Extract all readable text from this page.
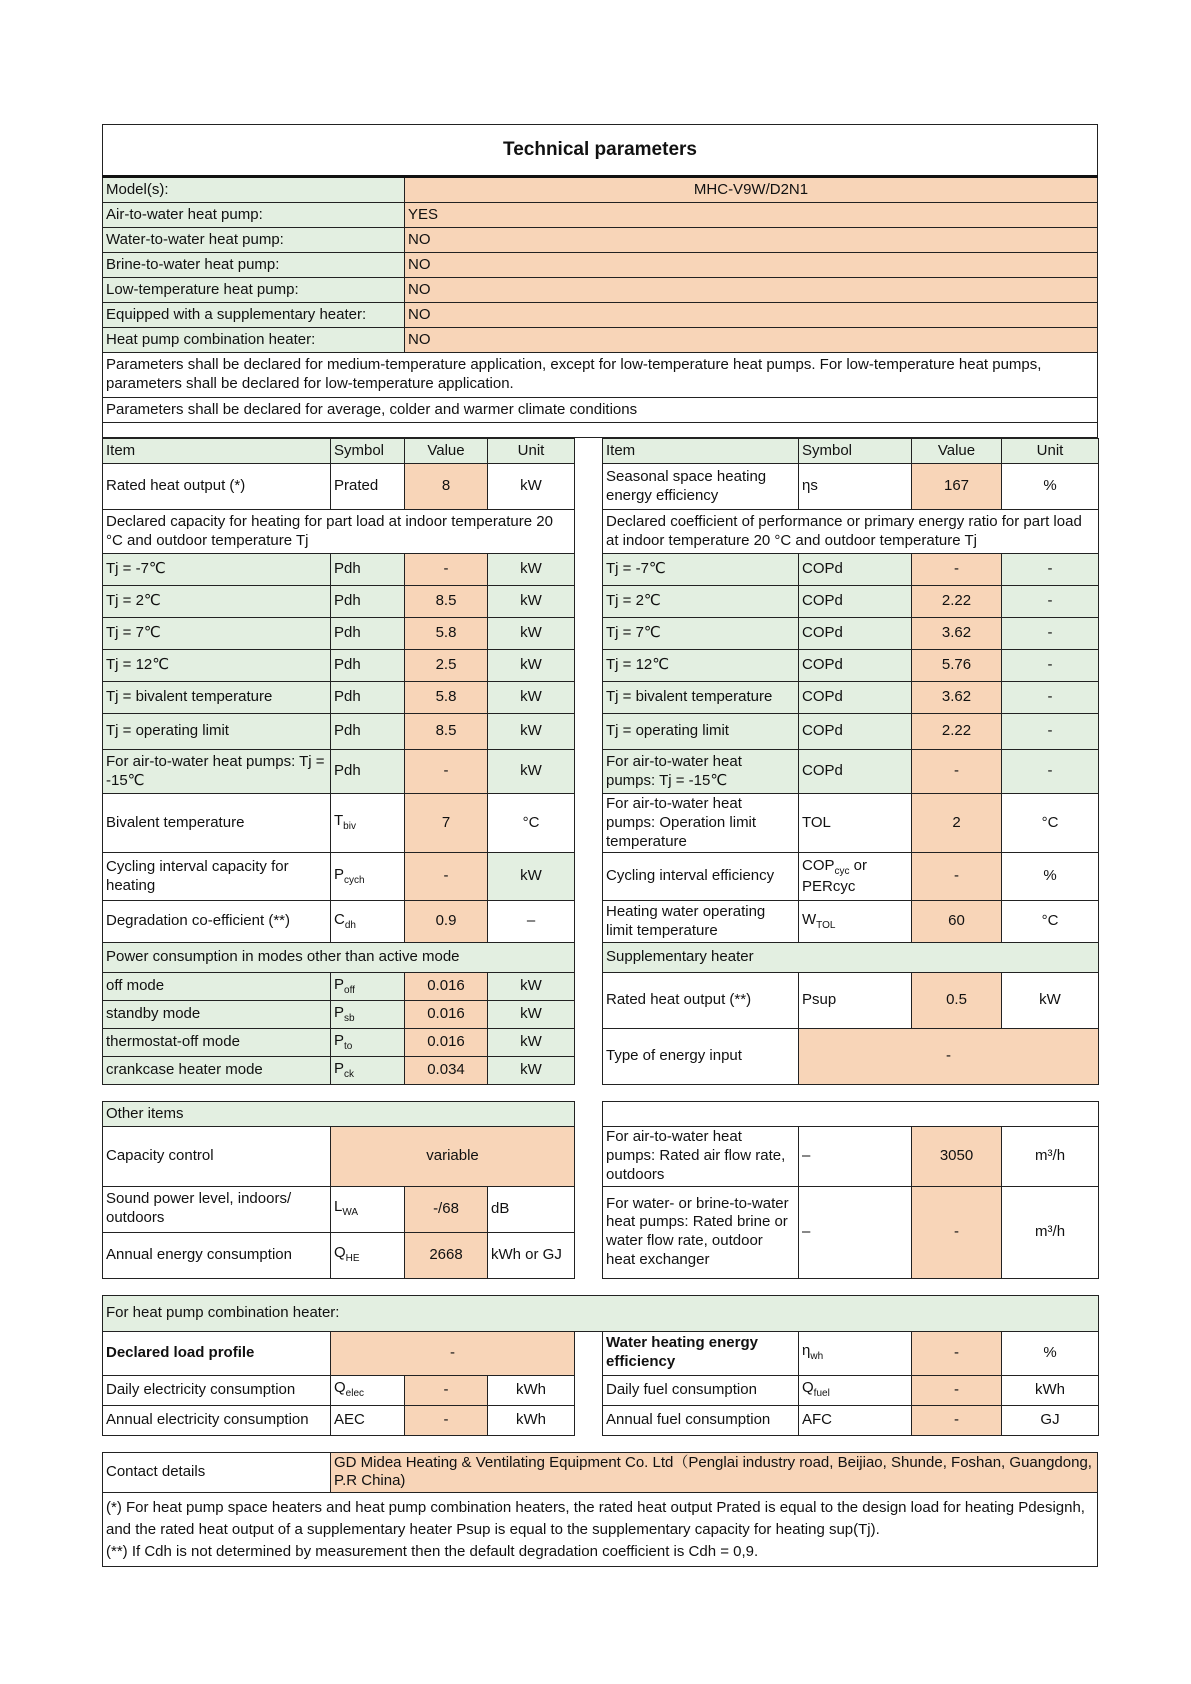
Technical parameters	
Model(s):	MHC-V9W/D2N1
Air-to-water heat pump:	YES
Water-to-water heat pump:	NO
Brine-to-water heat pump:	NO
Low-temperature heat pump:	NO
Equipped with a supplementary heater:	NO
Heat pump combination heater:	NO
Parameters shall be declared for medium-temperature application, except for low-temperature heat pumps. For low-temperature heat pumps, parameters shall be declared for low-temperature application.	
Parameters shall be declared for average, colder and warmer climate conditions	

Item	Symbol	Value	Unit		Item	Symbol	Value	Unit
Rated heat output (*)	Prated	8	kW		Seasonal space heating energy efficiency	ηs	167	%
Declared capacity for heating for part load at indoor temperature 20 °C and outdoor temperature Tj					Declared coefficient of performance or primary energy ratio for part load at indoor temperature 20 °C and outdoor temperature Tj			
Tj = -7℃	Pdh	-	kW		Tj = -7℃	COPd	-	-
Tj = 2℃	Pdh	8.5	kW		Tj = 2℃	COPd	2.22	-
Tj = 7℃	Pdh	5.8	kW		Tj = 7℃	COPd	3.62	-
Tj = 12℃	Pdh	2.5	kW		Tj = 12℃	COPd	5.76	-
Tj = bivalent temperature	Pdh	5.8	kW		Tj = bivalent temperature	COPd	3.62	-
Tj = operating limit	Pdh	8.5	kW		Tj = operating limit	COPd	2.22	-
For air-to-water heat pumps: Tj = -15℃	Pdh	-	kW		For air-to-water heat pumps: Tj = -15℃	COPd	-	-
Bivalent temperature	$T_{biv}$	7	°C		For air-to-water heat pumps: Operation limit temperature	TOL	2	°C
Cycling interval capacity for heating	$P_{cych}$	-	kW		Cycling interval efficiency	$COP_{cyc}$ or PERcyc	-	%
Degradation co-efficient (**)	$C_{dh}$	0.9	–		Heating water operating limit temperature	$W_{TOL}$	60	°C
Power consumption in modes other than active mode					Supplementary heater			
off mode	$P_{off}$	0.016	kW		Rated heat output (**)	Psup	0.5	kW
standby mode	$P_{sb}$	0.016	kW					
thermostat-off mode	$P_{to}$	0.016	kW		Type of energy input	-		
crankcase heater mode	$P_{ck}$	0.034	kW					
Other items								
Capacity control	variable				For air-to-water heat pumps: Rated air flow rate, outdoors	–	3050	m³/h
Sound power level, indoors/ outdoors	$L_{WA}$	-/68	dB		For water- or brine-to-water heat pumps: Rated brine or water flow rate, outdoor heat exchanger	–	-	m³/h
Annual energy consumption	$Q_{HE}$	2668	kWh or GJ					
For heat pump combination heater:								
Declared load profile	-				Water heating energy efficiency	$\eta_{wh}$	-	%
Daily electricity consumption	$Q_{elec}$	-	kWh		Daily fuel consumption	$Q_{fuel}$	-	kWh
Annual electricity consumption	AEC	-	kWh		Annual fuel consumption	AFC	-	GJ
Contact details	GD Midea Heating & Ventilating Equipment Co. Ltd（Penglai industry road, Beijiao, Shunde, Foshan, Guangdong, P.R China)

(*) For heat pump space heaters and heat pump combination heaters, the rated heat output Prated is equal to the design load for heating Pdesignh, and the rated heat output of a supplementary heater Psup is equal to the supplementary capacity for heating sup(Tj).
(**) If Cdh is not determined by measurement then the default degradation coefficient is Cdh = 0,9.
